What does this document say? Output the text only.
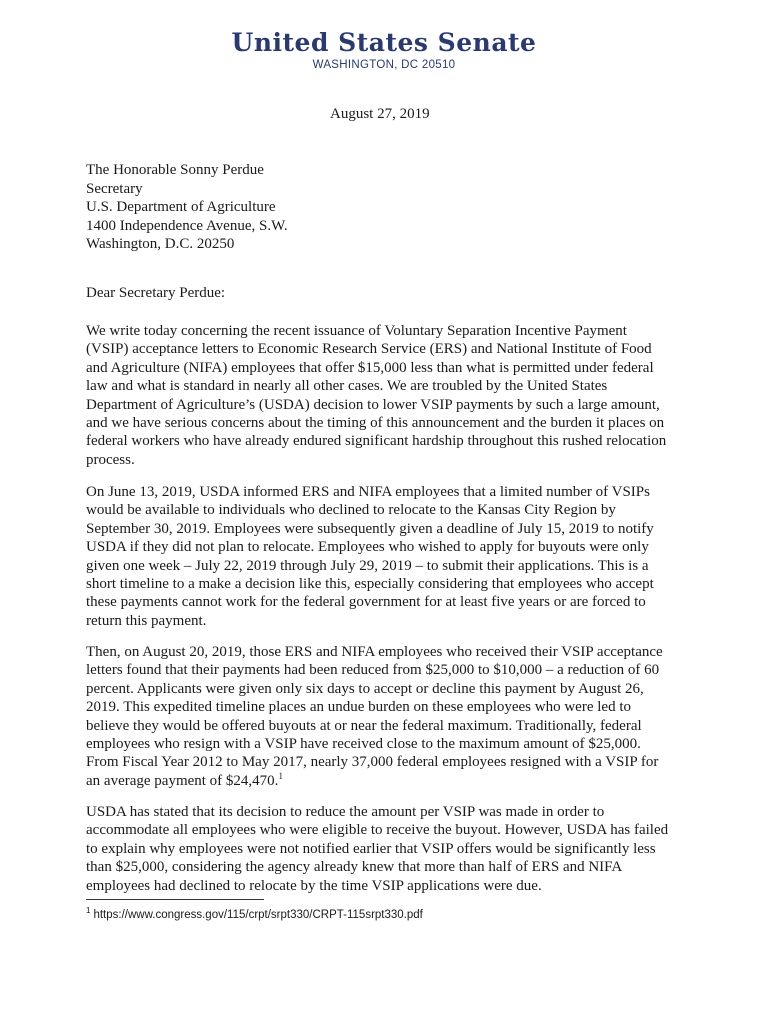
United States Senate
WASHINGTON, DC 20510
August 27, 2019
The Honorable Sonny Perdue
Secretary
U.S. Department of Agriculture
1400 Independence Avenue, S.W.
Washington, D.C. 20250
Dear Secretary Perdue:
We write today concerning the recent issuance of Voluntary Separation Incentive Payment
(VSIP) acceptance letters to Economic Research Service (ERS) and National Institute of Food
and Agriculture (NIFA) employees that offer $15,000 less than what is permitted under federal
law and what is standard in nearly all other cases. We are troubled by the United States
Department of Agriculture’s (USDA) decision to lower VSIP payments by such a large amount,
and we have serious concerns about the timing of this announcement and the burden it places on
federal workers who have already endured significant hardship throughout this rushed relocation
process.
On June 13, 2019, USDA informed ERS and NIFA employees that a limited number of VSIPs
would be available to individuals who declined to relocate to the Kansas City Region by
September 30, 2019. Employees were subsequently given a deadline of July 15, 2019 to notify
USDA if they did not plan to relocate. Employees who wished to apply for buyouts were only
given one week – July 22, 2019 through July 29, 2019 – to submit their applications. This is a
short timeline to a make a decision like this, especially considering that employees who accept
these payments cannot work for the federal government for at least five years or are forced to
return this payment.
Then, on August 20, 2019, those ERS and NIFA employees who received their VSIP acceptance
letters found that their payments had been reduced from $25,000 to $10,000 – a reduction of 60
percent. Applicants were given only six days to accept or decline this payment by August 26,
2019. This expedited timeline places an undue burden on these employees who were led to
believe they would be offered buyouts at or near the federal maximum. Traditionally, federal
employees who resign with a VSIP have received close to the maximum amount of $25,000.
From Fiscal Year 2012 to May 2017, nearly 37,000 federal employees resigned with a VSIP for
an average payment of $24,470.$^1$
USDA has stated that its decision to reduce the amount per VSIP was made in order to
accommodate all employees who were eligible to receive the buyout. However, USDA has failed
to explain why employees were not notified earlier that VSIP offers would be significantly less
than $25,000, considering the agency already knew that more than half of ERS and NIFA
employees had declined to relocate by the time VSIP applications were due.
$^1$ https://www.congress.gov/115/crpt/srpt330/CRPT-115srpt330.pdf
